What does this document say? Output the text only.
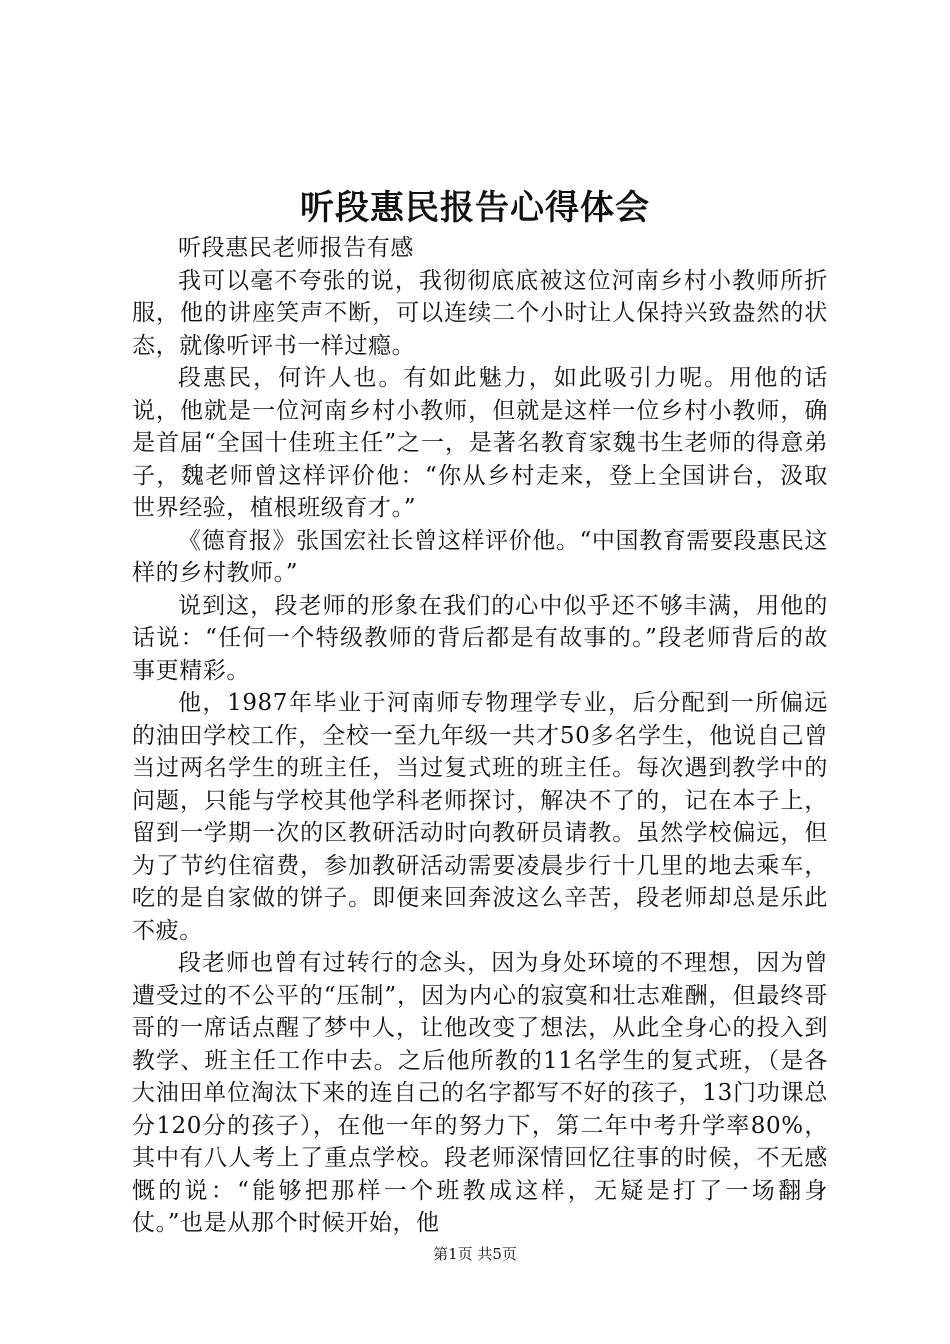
听段惠民报告心得体会
听段惠民老师报告有感

我可以毫不夸张的说，我彻彻底底被这位河南乡村小教师所折服，他的讲座笑声不断，可以连续二个小时让人保持兴致盎然的状态，就像听评书一样过瘾。

段惠民，何许人也。有如此魅力，如此吸引力呢。用他的话说，他就是一位河南乡村小教师，但就是这样一位乡村小教师，确是首届“全国十佳班主任”之一，是著名教育家魏书生老师的得意弟子，魏老师曾这样评价他：“你从乡村走来，登上全国讲台，汲取世界经验，植根班级育才。”

《德育报》张国宏社长曾这样评价他。“中国教育需要段惠民这样的乡村教师。”

说到这，段老师的形象在我们的心中似乎还不够丰满，用他的话说：“任何一个特级教师的背后都是有故事的。”段老师背后的故事更精彩。

他，1987年毕业于河南师专物理学专业，后分配到一所偏远的油田学校工作，全校一至九年级一共才50多名学生，他说自己曾当过两名学生的班主任，当过复式班的班主任。每次遇到教学中的问题，只能与学校其他学科老师探讨，解决不了的，记在本子上，留到一学期一次的区教研活动时向教研员请教。虽然学校偏远，但为了节约住宿费，参加教研活动需要凌晨步行十几里的地去乘车，吃的是自家做的饼子。即便来回奔波这么辛苦，段老师却总是乐此不疲。

段老师也曾有过转行的念头，因为身处环境的不理想，因为曾遭受过的不公平的“压制”，因为内心的寂寞和壮志难酬，但最终哥哥的一席话点醒了梦中人，让他改变了想法，从此全身心的投入到教学、班主任工作中去。之后他所教的11名学生的复式班，（是各大油田单位淘汰下来的连自己的名字都写不好的孩子，13门功课总分120分的孩子），在他一年的努力下，第二年中考升学率80%，其中有八人考上了重点学校。段老师深情回忆往事的时候，不无感慨的说：“能够把那样一个班教成这样，无疑是打了一场翻身仗。”也是从那个时候开始，他

第1页 共5页
